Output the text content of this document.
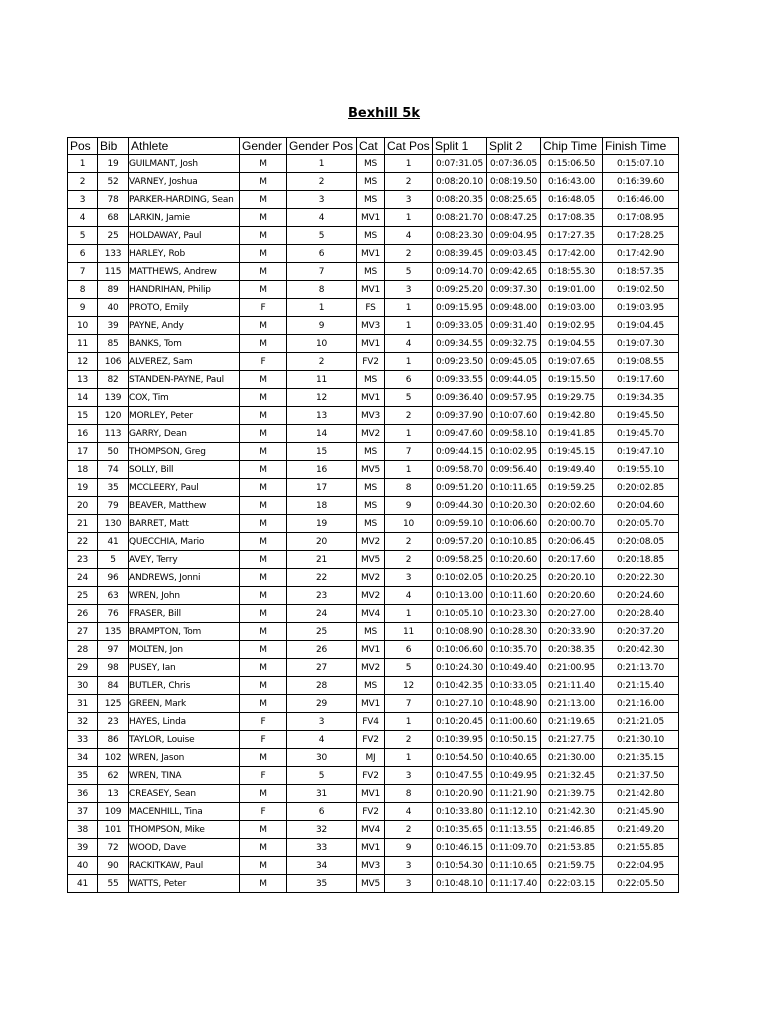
Bexhill 5k
Pos	Bib	Athlete	Gender	Gender Pos	Cat	Cat Pos	Split 1	Split 2	Chip Time	Finish Time
1	19	GUILMANT, Josh	M	1	MS	1	0:07:31.05	0:07:36.05	0:15:06.50	0:15:07.10
2	52	VARNEY, Joshua	M	2	MS	2	0:08:20.10	0:08:19.50	0:16:43.00	0:16:39.60
3	78	PARKER-HARDING, Sean	M	3	MS	3	0:08:20.35	0:08:25.65	0:16:48.05	0:16:46.00
4	68	LARKIN, Jamie	M	4	MV1	1	0:08:21.70	0:08:47.25	0:17:08.35	0:17:08.95
5	25	HOLDAWAY, Paul	M	5	MS	4	0:08:23.30	0:09:04.95	0:17:27.35	0:17:28.25
6	133	HARLEY, Rob	M	6	MV1	2	0:08:39.45	0:09:03.45	0:17:42.00	0:17:42.90
7	115	MATTHEWS, Andrew	M	7	MS	5	0:09:14.70	0:09:42.65	0:18:55.30	0:18:57.35
8	89	HANDRIHAN, Philip	M	8	MV1	3	0:09:25.20	0:09:37.30	0:19:01.00	0:19:02.50
9	40	PROTO, Emily	F	1	FS	1	0:09:15.95	0:09:48.00	0:19:03.00	0:19:03.95
10	39	PAYNE, Andy	M	9	MV3	1	0:09:33.05	0:09:31.40	0:19:02.95	0:19:04.45
11	85	BANKS, Tom	M	10	MV1	4	0:09:34.55	0:09:32.75	0:19:04.55	0:19:07.30
12	106	ALVEREZ, Sam	F	2	FV2	1	0:09:23.50	0:09:45.05	0:19:07.65	0:19:08.55
13	82	STANDEN-PAYNE, Paul	M	11	MS	6	0:09:33.55	0:09:44.05	0:19:15.50	0:19:17.60
14	139	COX, Tim	M	12	MV1	5	0:09:36.40	0:09:57.95	0:19:29.75	0:19:34.35
15	120	MORLEY, Peter	M	13	MV3	2	0:09:37.90	0:10:07.60	0:19:42.80	0:19:45.50
16	113	GARRY, Dean	M	14	MV2	1	0:09:47.60	0:09:58.10	0:19:41.85	0:19:45.70
17	50	THOMPSON, Greg	M	15	MS	7	0:09:44.15	0:10:02.95	0:19:45.15	0:19:47.10
18	74	SOLLY, Bill	M	16	MV5	1	0:09:58.70	0:09:56.40	0:19:49.40	0:19:55.10
19	35	MCCLEERY, Paul	M	17	MS	8	0:09:51.20	0:10:11.65	0:19:59.25	0:20:02.85
20	79	BEAVER, Matthew	M	18	MS	9	0:09:44.30	0:10:20.30	0:20:02.60	0:20:04.60
21	130	BARRET, Matt	M	19	MS	10	0:09:59.10	0:10:06.60	0:20:00.70	0:20:05.70
22	41	QUECCHIA, Mario	M	20	MV2	2	0:09:57.20	0:10:10.85	0:20:06.45	0:20:08.05
23	5	AVEY, Terry	M	21	MV5	2	0:09:58.25	0:10:20.60	0:20:17.60	0:20:18.85
24	96	ANDREWS, Jonni	M	22	MV2	3	0:10:02.05	0:10:20.25	0:20:20.10	0:20:22.30
25	63	WREN, John	M	23	MV2	4	0:10:13.00	0:10:11.60	0:20:20.60	0:20:24.60
26	76	FRASER, Bill	M	24	MV4	1	0:10:05.10	0:10:23.30	0:20:27.00	0:20:28.40
27	135	BRAMPTON, Tom	M	25	MS	11	0:10:08.90	0:10:28.30	0:20:33.90	0:20:37.20
28	97	MOLTEN, Jon	M	26	MV1	6	0:10:06.60	0:10:35.70	0:20:38.35	0:20:42.30
29	98	PUSEY, Ian	M	27	MV2	5	0:10:24.30	0:10:49.40	0:21:00.95	0:21:13.70
30	84	BUTLER, Chris	M	28	MS	12	0:10:42.35	0:10:33.05	0:21:11.40	0:21:15.40
31	125	GREEN, Mark	M	29	MV1	7	0:10:27.10	0:10:48.90	0:21:13.00	0:21:16.00
32	23	HAYES, Linda	F	3	FV4	1	0:10:20.45	0:11:00.60	0:21:19.65	0:21:21.05
33	86	TAYLOR, Louise	F	4	FV2	2	0:10:39.95	0:10:50.15	0:21:27.75	0:21:30.10
34	102	WREN, Jason	M	30	MJ	1	0:10:54.50	0:10:40.65	0:21:30.00	0:21:35.15
35	62	WREN, TINA	F	5	FV2	3	0:10:47.55	0:10:49.95	0:21:32.45	0:21:37.50
36	13	CREASEY, Sean	M	31	MV1	8	0:10:20.90	0:11:21.90	0:21:39.75	0:21:42.80
37	109	MACENHILL, Tina	F	6	FV2	4	0:10:33.80	0:11:12.10	0:21:42.30	0:21:45.90
38	101	THOMPSON, Mike	M	32	MV4	2	0:10:35.65	0:11:13.55	0:21:46.85	0:21:49.20
39	72	WOOD, Dave	M	33	MV1	9	0:10:46.15	0:11:09.70	0:21:53.85	0:21:55.85
40	90	RACKITKAW, Paul	M	34	MV3	3	0:10:54.30	0:11:10.65	0:21:59.75	0:22:04.95
41	55	WATTS, Peter	M	35	MV5	3	0:10:48.10	0:11:17.40	0:22:03.15	0:22:05.50
